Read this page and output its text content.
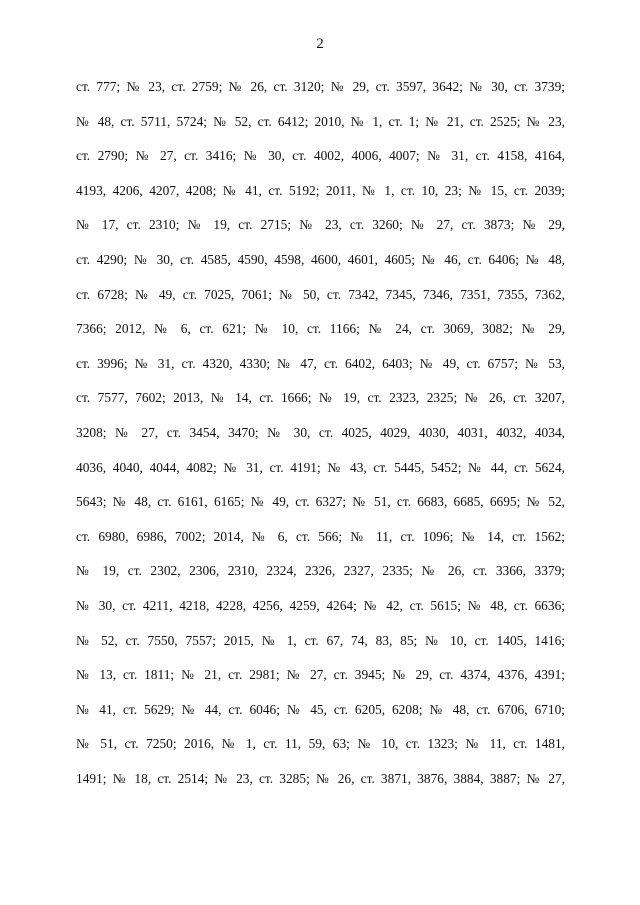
2
ст. 777; № 23, ст. 2759; № 26, ст. 3120; № 29, ст. 3597, 3642; № 30, ст. 3739;
№ 48, ст. 5711, 5724; № 52, ст. 6412; 2010, № 1, ст. 1; № 21, ст. 2525; № 23,
ст. 2790; № 27, ст. 3416; № 30, ст. 4002, 4006, 4007; № 31, ст. 4158, 4164,
4193, 4206, 4207, 4208; № 41, ст. 5192; 2011, № 1, ст. 10, 23; № 15, ст. 2039;
№ 17, ст. 2310; № 19, ст. 2715; № 23, ст. 3260; № 27, ст. 3873; № 29,
ст. 4290; № 30, ст. 4585, 4590, 4598, 4600, 4601, 4605; № 46, ст. 6406; № 48,
ст. 6728; № 49, ст. 7025, 7061; № 50, ст. 7342, 7345, 7346, 7351, 7355, 7362,
7366; 2012, № 6, ст. 621; № 10, ст. 1166; № 24, ст. 3069, 3082; № 29,
ст. 3996; № 31, ст. 4320, 4330; № 47, ст. 6402, 6403; № 49, ст. 6757; № 53,
ст. 7577, 7602; 2013, № 14, ст. 1666; № 19, ст. 2323, 2325; № 26, ст. 3207,
3208; № 27, ст. 3454, 3470; № 30, ст. 4025, 4029, 4030, 4031, 4032, 4034,
4036, 4040, 4044, 4082; № 31, ст. 4191; № 43, ст. 5445, 5452; № 44, ст. 5624,
5643; № 48, ст. 6161, 6165; № 49, ст. 6327; № 51, ст. 6683, 6685, 6695; № 52,
ст. 6980, 6986, 7002; 2014, № 6, ст. 566; № 11, ст. 1096; № 14, ст. 1562;
№ 19, ст. 2302, 2306, 2310, 2324, 2326, 2327, 2335; № 26, ст. 3366, 3379;
№ 30, ст. 4211, 4218, 4228, 4256, 4259, 4264; № 42, ст. 5615; № 48, ст. 6636;
№ 52, ст. 7550, 7557; 2015, № 1, ст. 67, 74, 83, 85; № 10, ст. 1405, 1416;
№ 13, ст. 1811; № 21, ст. 2981; № 27, ст. 3945; № 29, ст. 4374, 4376, 4391;
№ 41, ст. 5629; № 44, ст. 6046; № 45, ст. 6205, 6208; № 48, ст. 6706, 6710;
№ 51, ст. 7250; 2016, № 1, ст. 11, 59, 63; № 10, ст. 1323; № 11, ст. 1481,
1491; № 18, ст. 2514; № 23, ст. 3285; № 26, ст. 3871, 3876, 3884, 3887; № 27,
